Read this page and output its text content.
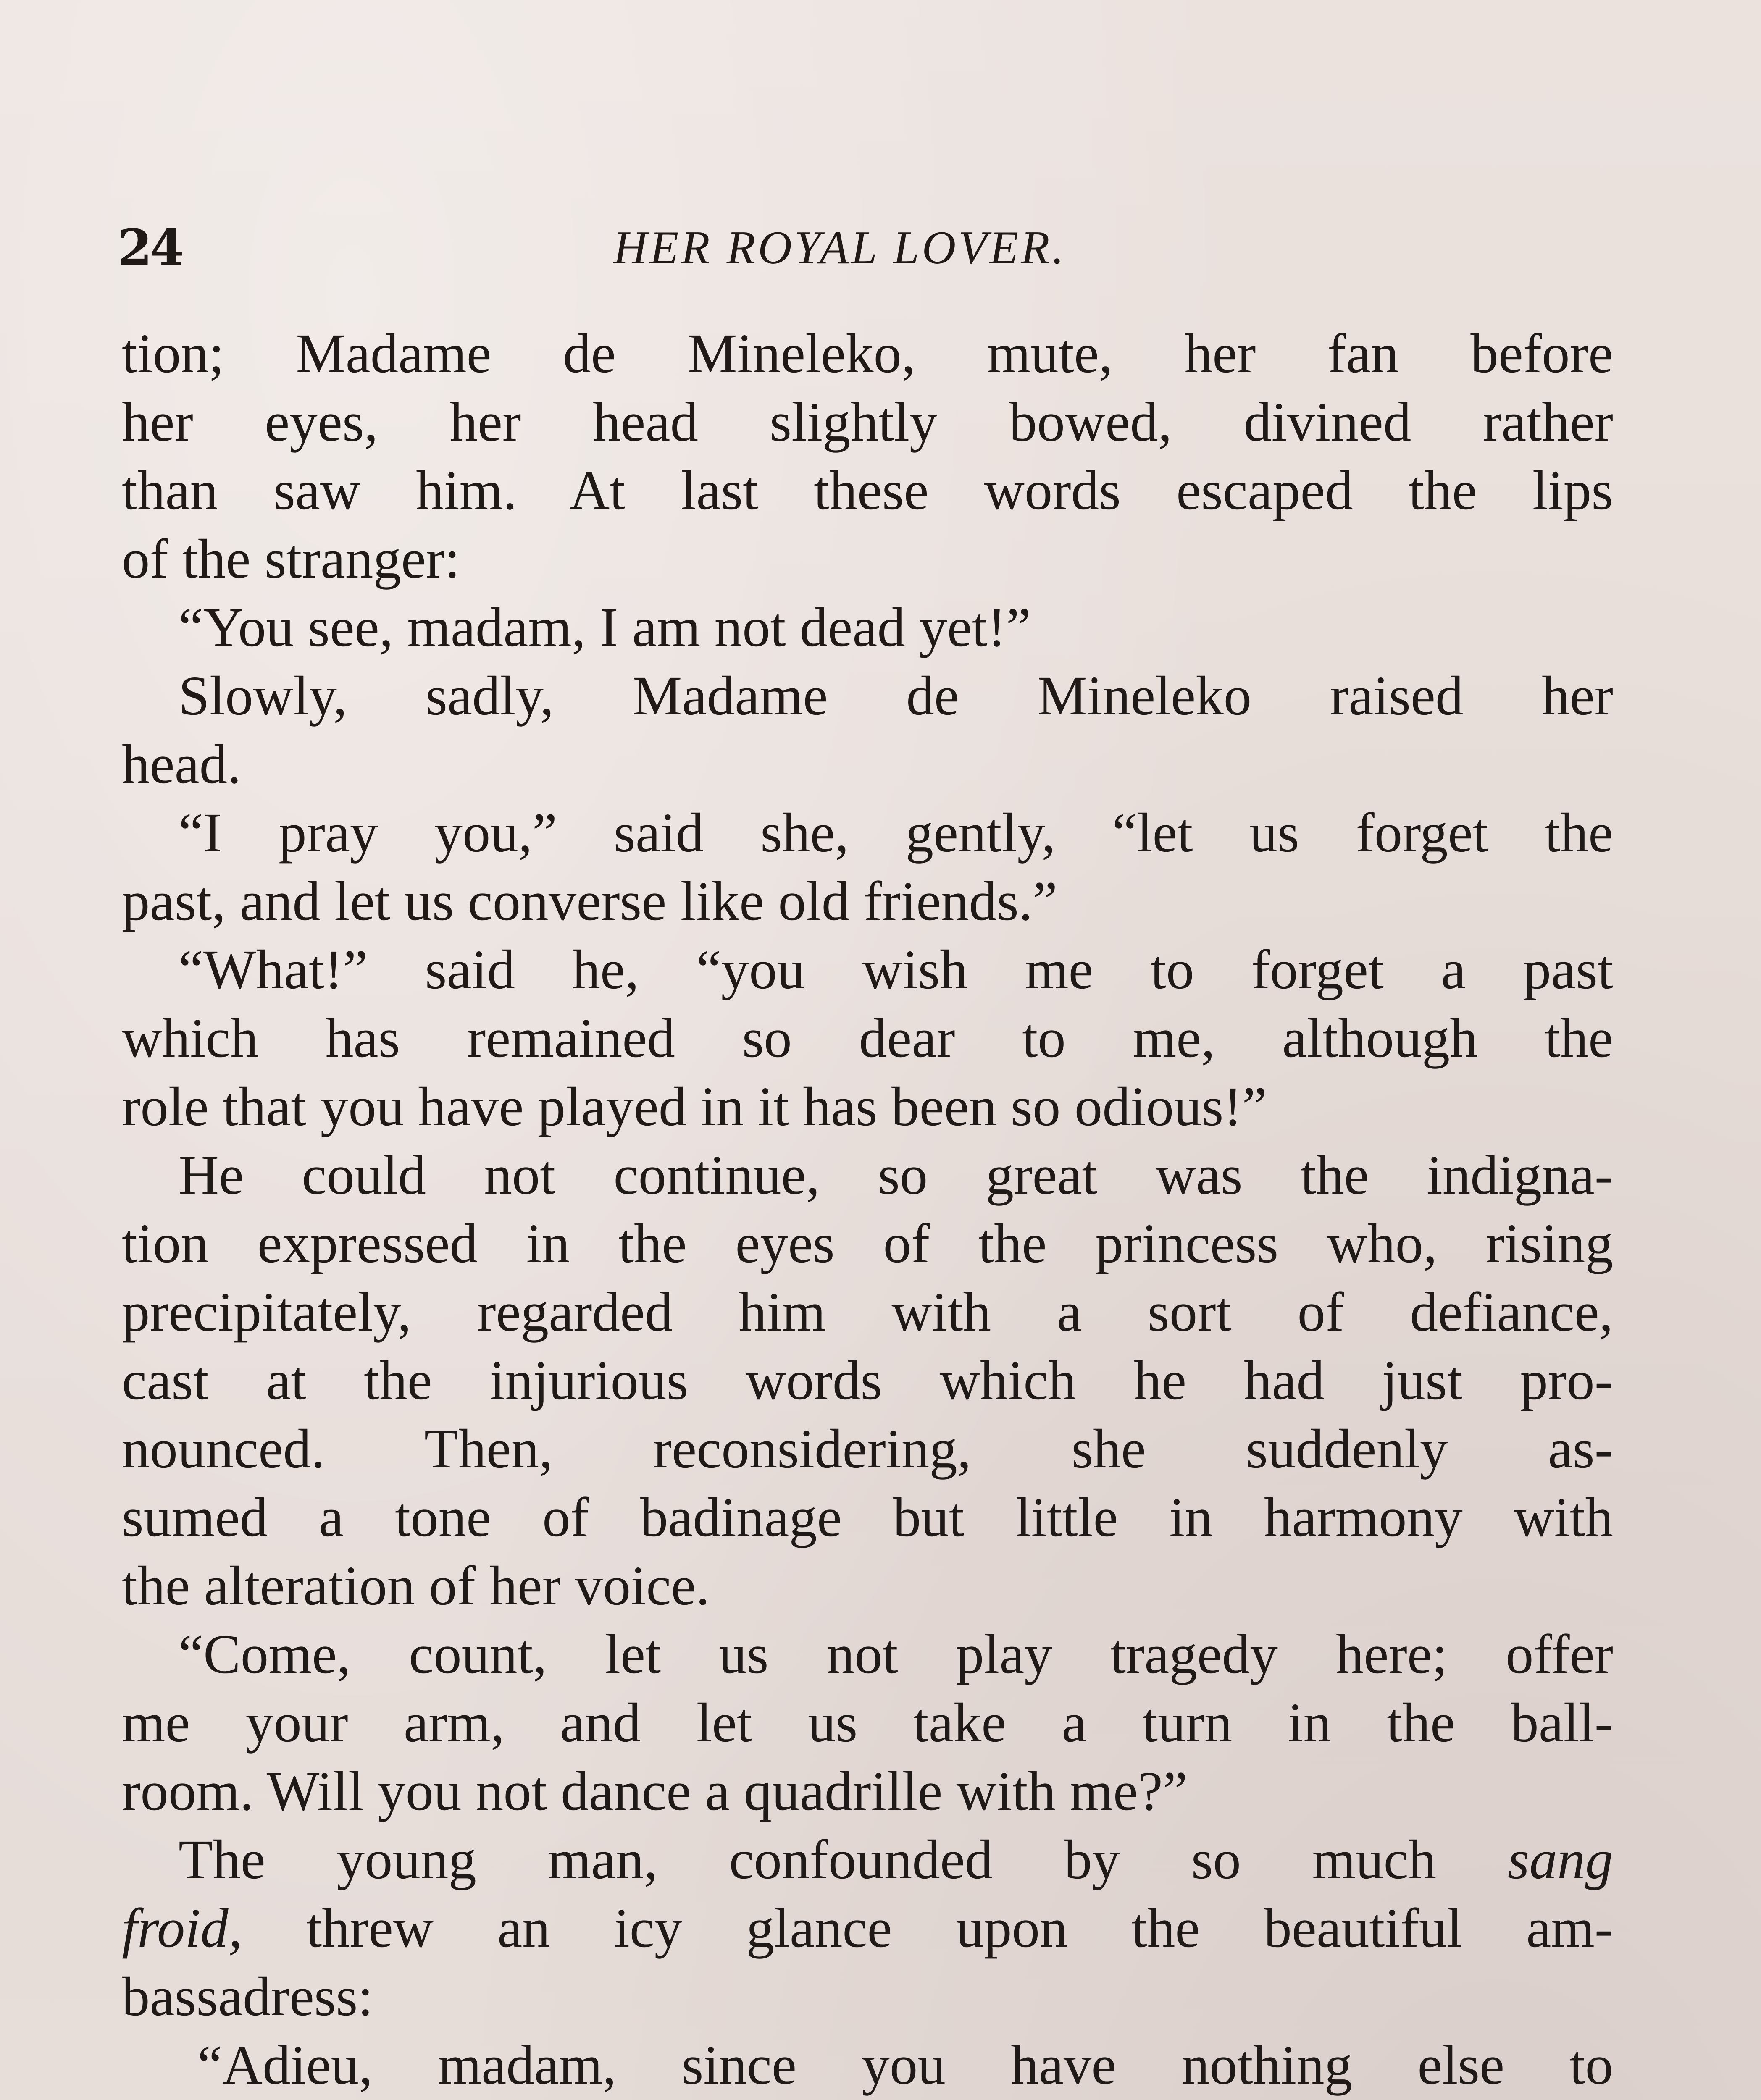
24	HER ROYAL LOVER.
tion; Madame de Mineleko, mute, her fan before
her eyes, her head slightly bowed, divined rather
than saw him. At last these words escaped the lips
of the stranger:
“You see, madam, I am not dead yet!”
Slowly, sadly, Madame de Mineleko raised her
head.
“I pray you,” said she, gently, “let us forget the
past, and let us converse like old friends.”
“What!” said he, “you wish me to forget a past
which has remained so dear to me, although the
role that you have played in it has been so odious!”
He could not continue, so great was the indigna-
tion expressed in the eyes of the princess who, rising
precipitately, regarded him with a sort of defiance,
cast at the injurious words which he had just pro-
nounced. Then, reconsidering, she suddenly as-
sumed a tone of badinage but little in harmony with
the alteration of her voice.
“Come, count, let us not play tragedy here; offer
me your arm, and let us take a turn in the ball-
room. Will you not dance a quadrille with me?”
The young man, confounded by so much sang
froid, threw an icy glance upon the beautiful am-
bassadress:
“Adieu, madam, since you have nothing else to
